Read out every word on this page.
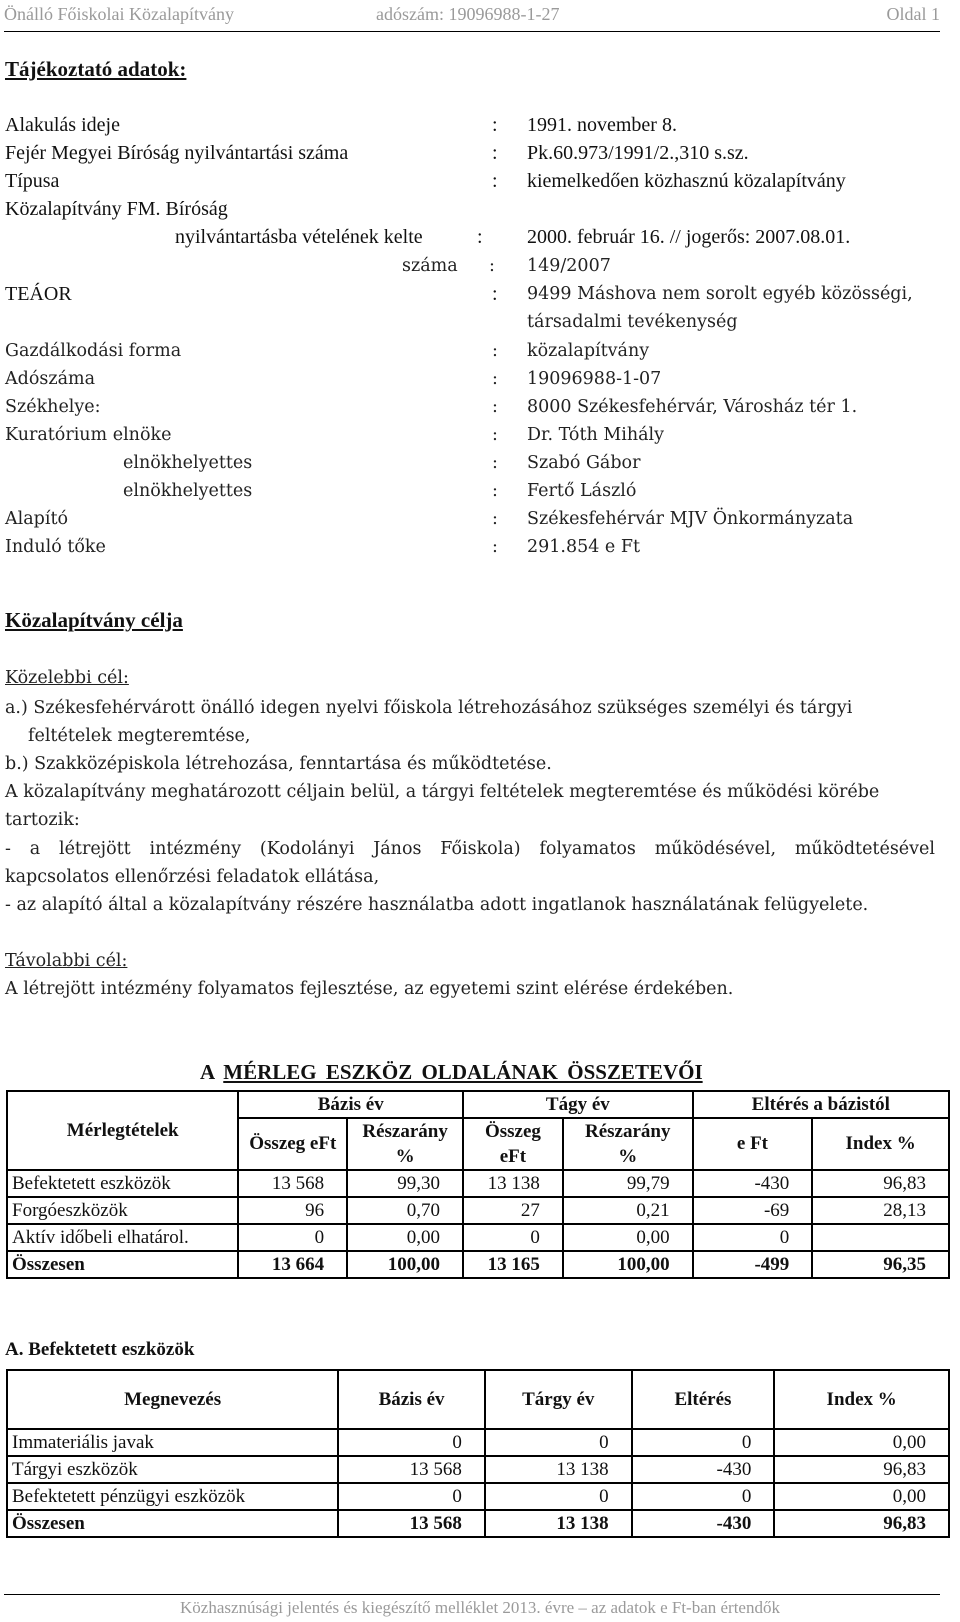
Önálló Főiskolai Közalapítvány	adószám: 19096988-1-27	Oldal 1
Tájékoztató adatok:
Alakulás ideje	: 1991. november 8.
Fejér Megyei Bíróság nyilvántartási száma	: Pk.60.973/1991/2.,310 s.sz.
Típusa	: kiemelkedően közhasznú közalapítvány
Közalapítvány FM. Bíróság
nyilvántartásba vételének kelte	: 2000. február 16. // jogerős: 2007.08.01.
száma : 149/2007
TEÁOR	: 9499 Máshova nem sorolt egyéb közösségi,
társadalmi tevékenység
Gazdálkodási forma	: közalapítvány
Adószáma	: 19096988-1-07
Székhelye:	: 8000 Székesfehérvár, Városház tér 1.
Kuratórium elnöke	: Dr. Tóth Mihály
elnökhelyettes	: Szabó Gábor
elnökhelyettes	: Fertő László
Alapító	: Székesfehérvár MJV Önkormányzata
Induló tőke	: 291.854 e Ft
Közalapítvány célja
Közelebbi cél:
a.) Székesfehérvárott önálló idegen nyelvi főiskola létrehozásához szükséges személyi és tárgyi
feltételek megteremtése,
b.) Szakközépiskola létrehozása, fenntartása és működtetése.
A közalapítvány meghatározott céljain belül, a tárgyi feltételek megteremtése és működési körébe
tartozik:
- a létrejött intézmény (Kodolányi János Főiskola) folyamatos működésével, működtetésével
kapcsolatos ellenőrzési feladatok ellátása,
- az alapító által a közalapítvány részére használatba adott ingatlanok használatának felügyelete.
Távolabbi cél:
A létrejött intézmény folyamatos fejlesztése, az egyetemi szint elérése érdekében.
A MÉRLEG ESZKÖZ OLDALÁNAK ÖSSZETEVŐI
Mérlegtételek	Bázis év		Tágy év		Eltérés a bázistól	
	Összeg eFt	Részarány	Összeg	Részarány	e Ft	Index %
		%	eFt	%		
Befektetett eszközök	13 568	99,30	13 138	99,79	-430	96,83
Forgóeszközök	96	0,70	27	0,21	-69	28,13
Aktív időbeli elhatárol.	0	0,00	0	0,00	0	
Összesen	13 664	100,00	13 165	100,00	-499	96,35
A. Befektetett eszközök
Megnevezés	Bázis év	Tárgy év	Eltérés	Index %
Immateriális javak	0	0	0	0,00
Tárgyi eszközök	13 568	13 138	-430	96,83
Befektetett pénzügyi eszközök	0	0	0	0,00
Összesen	13 568	13 138	-430	96,83
Közhasznúsági jelentés és kiegészítő melléklet 2013. évre – az adatok e Ft-ban értendők
